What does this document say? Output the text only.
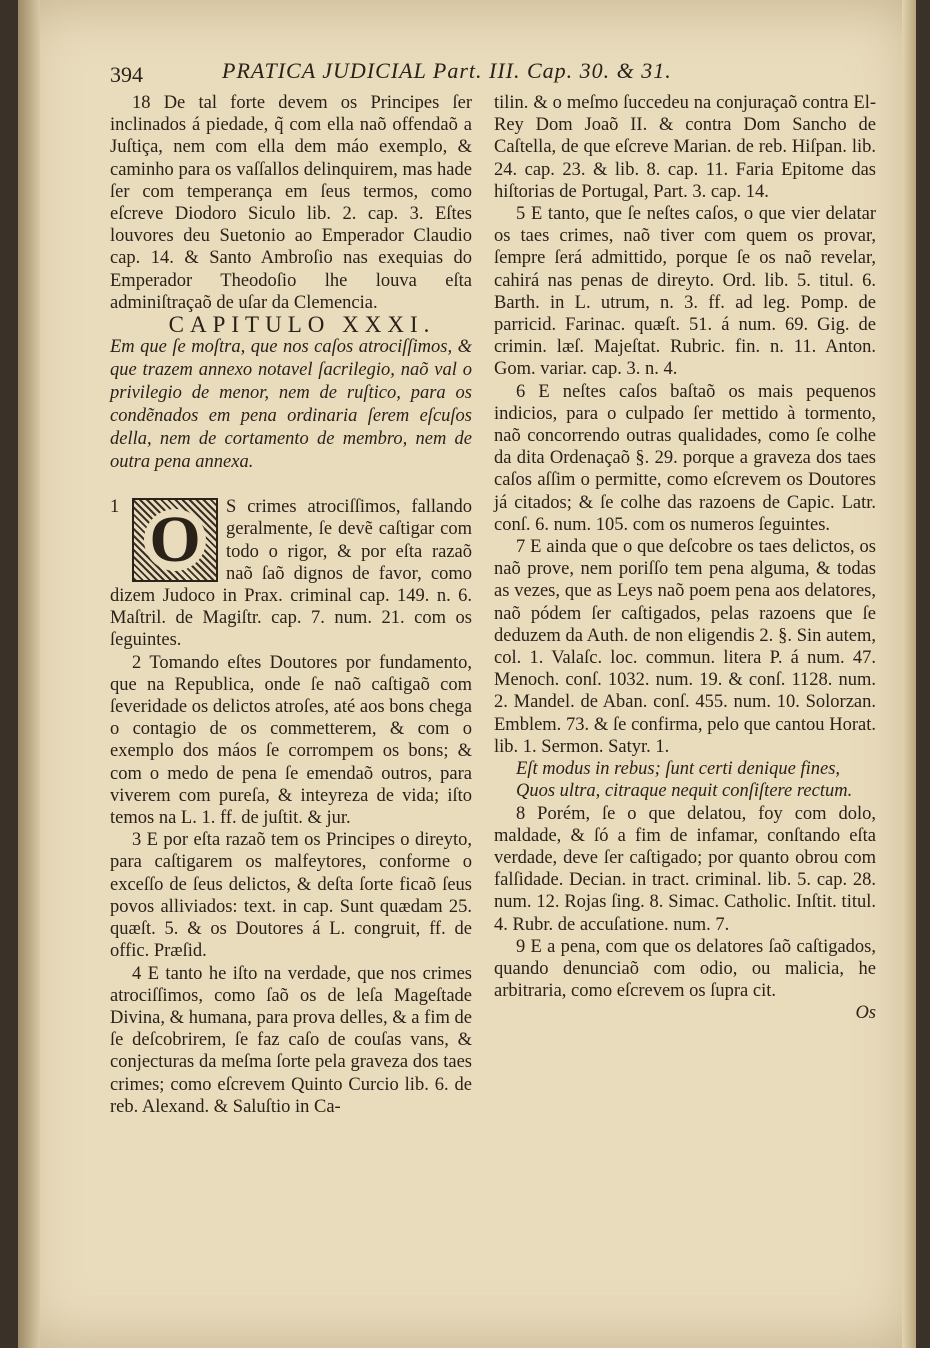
394	PRATICA JUDICIAL Part. III. Cap. 30. & 31.

18 De tal forte devem os Principes ſer inclinados á piedade, q̃ com ella naõ offendaõ a Juſtiça, nem com ella dem máo exemplo, & caminho para os vaſſallos delinquirem, mas hade ſer com temperança em ſeus termos, como eſcreve Diodoro Siculo lib. 2. cap. 3. Eſtes louvores deu Suetonio ao Emperador Claudio cap. 14. & Santo Ambroſio nas exequias do Emperador Theodoſio lhe louva eſta adminiſtraçaõ de uſar da Clemencia.

CAPITULO XXXI.

Em que ſe moſtra, que nos caſos atrociſſimos, & que trazem annexo notavel ſacrilegio, naõ val o privilegio de menor, nem de ruſtico, para os condẽnados em pena ordinaria ſerem eſcuſos della, nem de cortamento de membro, nem de outra pena annexa.

1 O	S crimes atrociſſimos, fallando geralmente, ſe devẽ caſtigar com todo o rigor, & por eſta razaõ naõ ſaõ dignos de favor, como dizem Judoco in Prax. criminal cap. 149. n. 6. Maſtril. de Magiſtr. cap. 7. num. 21. com os ſeguintes.

2 Tomando eſtes Doutores por fundamento, que na Republica, onde ſe naõ caſtigaõ com ſeveridade os delictos atroſes, até aos bons chega o contagio de os commetterem, & com o exemplo dos máos ſe corrompem os bons; & com o medo de pena ſe emendaõ outros, para viverem com pureſa, & inteyreza de vida; iſto temos na L. 1. ff. de juſtit. & jur.

3 E por eſta razaõ tem os Principes o direyto, para caſtigarem os malfeytores, conforme o exceſſo de ſeus delictos, & deſta ſorte ficaõ ſeus povos alliviados: text. in cap. Sunt quædam 25. quæſt. 5. & os Doutores á L. congruit, ff. de offic. Præſid.

4 E tanto he iſto na verdade, que nos crimes atrociſſimos, como ſaõ os de leſa Mageſtade Divina, & humana, para prova delles, & a fim de ſe deſcobrirem, ſe faz caſo de couſas vans, & conjecturas da meſma ſorte pela graveza dos taes crimes; como eſcrevem Quinto Curcio lib. 6. de reb. Alexand. & Saluſtio in Ca-

tilin. & o meſmo ſuccedeu na conjuraçaõ contra El-Rey Dom Joaõ II. & contra Dom Sancho de Caſtella, de que eſcreve Marian. de reb. Hiſpan. lib. 24. cap. 23. & lib. 8. cap. 11. Faria Epitome das hiſtorias de Portugal, Part. 3. cap. 14.

5 E tanto, que ſe neſtes caſos, o que vier delatar os taes crimes, naõ tiver com quem os provar, ſempre ſerá admittido, porque ſe os naõ revelar, cahirá nas penas de direyto. Ord. lib. 5. titul. 6. Barth. in L. utrum, n. 3. ff. ad leg. Pomp. de parricid. Farinac. quæſt. 51. á num. 69. Gig. de crimin. læſ. Majeſtat. Rubric. fin. n. 11. Anton. Gom. variar. cap. 3. n. 4.

6 E neſtes caſos baſtaõ os mais pequenos indicios, para o culpado ſer mettido à tormento, naõ concorrendo outras qualidades, como ſe colhe da dita Ordenaçaõ §. 29. porque a graveza dos taes caſos aſſim o permitte, como eſcrevem os Doutores já citados; & ſe colhe das razoens de Capic. Latr. conſ. 6. num. 105. com os numeros ſeguintes.

7 E ainda que o que deſcobre os taes delictos, os naõ prove, nem poriſſo tem pena alguma, & todas as vezes, que as Leys naõ poem pena aos delatores, naõ pódem ſer caſtigados, pelas razoens que ſe deduzem da Auth. de non eligendis 2. §. Sin autem, col. 1. Valaſc. loc. commun. litera P. á num. 47. Menoch. conſ. 1032. num. 19. & conſ. 1128. num. 2. Mandel. de Aban. conſ. 455. num. 10. Solorzan. Emblem. 73. & ſe confirma, pelo que cantou Horat. lib. 1. Sermon. Satyr. 1.

Eſt modus in rebus; ſunt certi denique fines,

Quos ultra, citraque nequit conſiſtere rectum.

8 Porém, ſe o que delatou, foy com dolo, maldade, & ſó a fim de infamar, conſtando eſta verdade, deve ſer caſtigado; por quanto obrou com falſidade. Decian. in tract. criminal. lib. 5. cap. 28. num. 12. Rojas ſing. 8. Simac. Catholic. Inſtit. titul. 4. Rubr. de accuſatione. num. 7.

9 E a pena, com que os delatores ſaõ caſtigados, quando denunciaõ com odio, ou malicia, he arbitraria, como eſcrevem os ſupra cit.

Os
